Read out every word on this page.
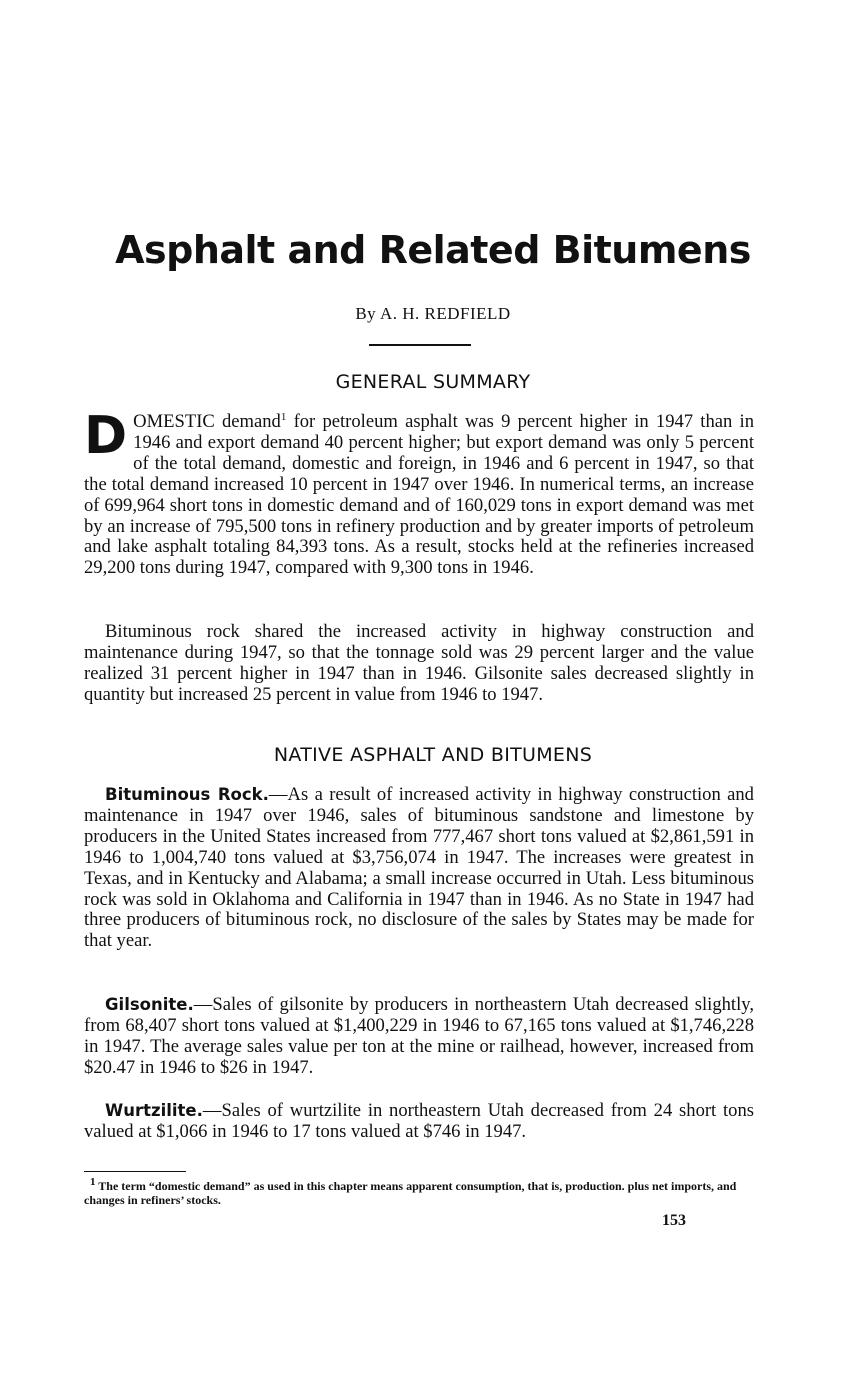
Asphalt and Related Bitumens
By A. H. REDFIELD
GENERAL SUMMARY

DOMESTIC demand$^1$ for petroleum asphalt was 9 percent higher in 1947 than in 1946 and export demand 40 percent higher; but export demand was only 5 percent of the total demand, domestic and foreign, in 1946 and 6 percent in 1947, so that the total demand increased 10 percent in 1947 over 1946. In numerical terms, an increase of 699,964 short tons in domestic demand and of 160,029 tons in export demand was met by an increase of 795,500 tons in refinery production and by greater imports of petroleum and lake asphalt totaling 84,393 tons. As a result, stocks held at the refineries increased 29,200 tons during 1947, compared with 9,300 tons in 1946.

Bituminous rock shared the increased activity in highway construction and maintenance during 1947, so that the tonnage sold was 29 percent larger and the value realized 31 percent higher in 1947 than in 1946. Gilsonite sales decreased slightly in quantity but increased 25 percent in value from 1946 to 1947.

NATIVE ASPHALT AND BITUMENS

Bituminous Rock.—As a result of increased activity in highway construction and maintenance in 1947 over 1946, sales of bituminous sandstone and limestone by producers in the United States increased from 777,467 short tons valued at $2,861,591 in 1946 to 1,004,740 tons valued at $3,756,074 in 1947. The increases were greatest in Texas, and in Kentucky and Alabama; a small increase occurred in Utah. Less bituminous rock was sold in Oklahoma and California in 1947 than in 1946. As no State in 1947 had three producers of bituminous rock, no disclosure of the sales by States may be made for that year.

Gilsonite.—Sales of gilsonite by producers in northeastern Utah decreased slightly, from 68,407 short tons valued at $1,400,229 in 1946 to 67,165 tons valued at $1,746,228 in 1947. The average sales value per ton at the mine or railhead, however, increased from $20.47 in 1946 to $26 in 1947.

Wurtzilite.—Sales of wurtzilite in northeastern Utah decreased from 24 short tons valued at $1,066 in 1946 to 17 tons valued at $746 in 1947.

1 The term “domestic demand” as used in this chapter means apparent consumption, that is, production. plus net imports, and changes in refiners’ stocks.

153
